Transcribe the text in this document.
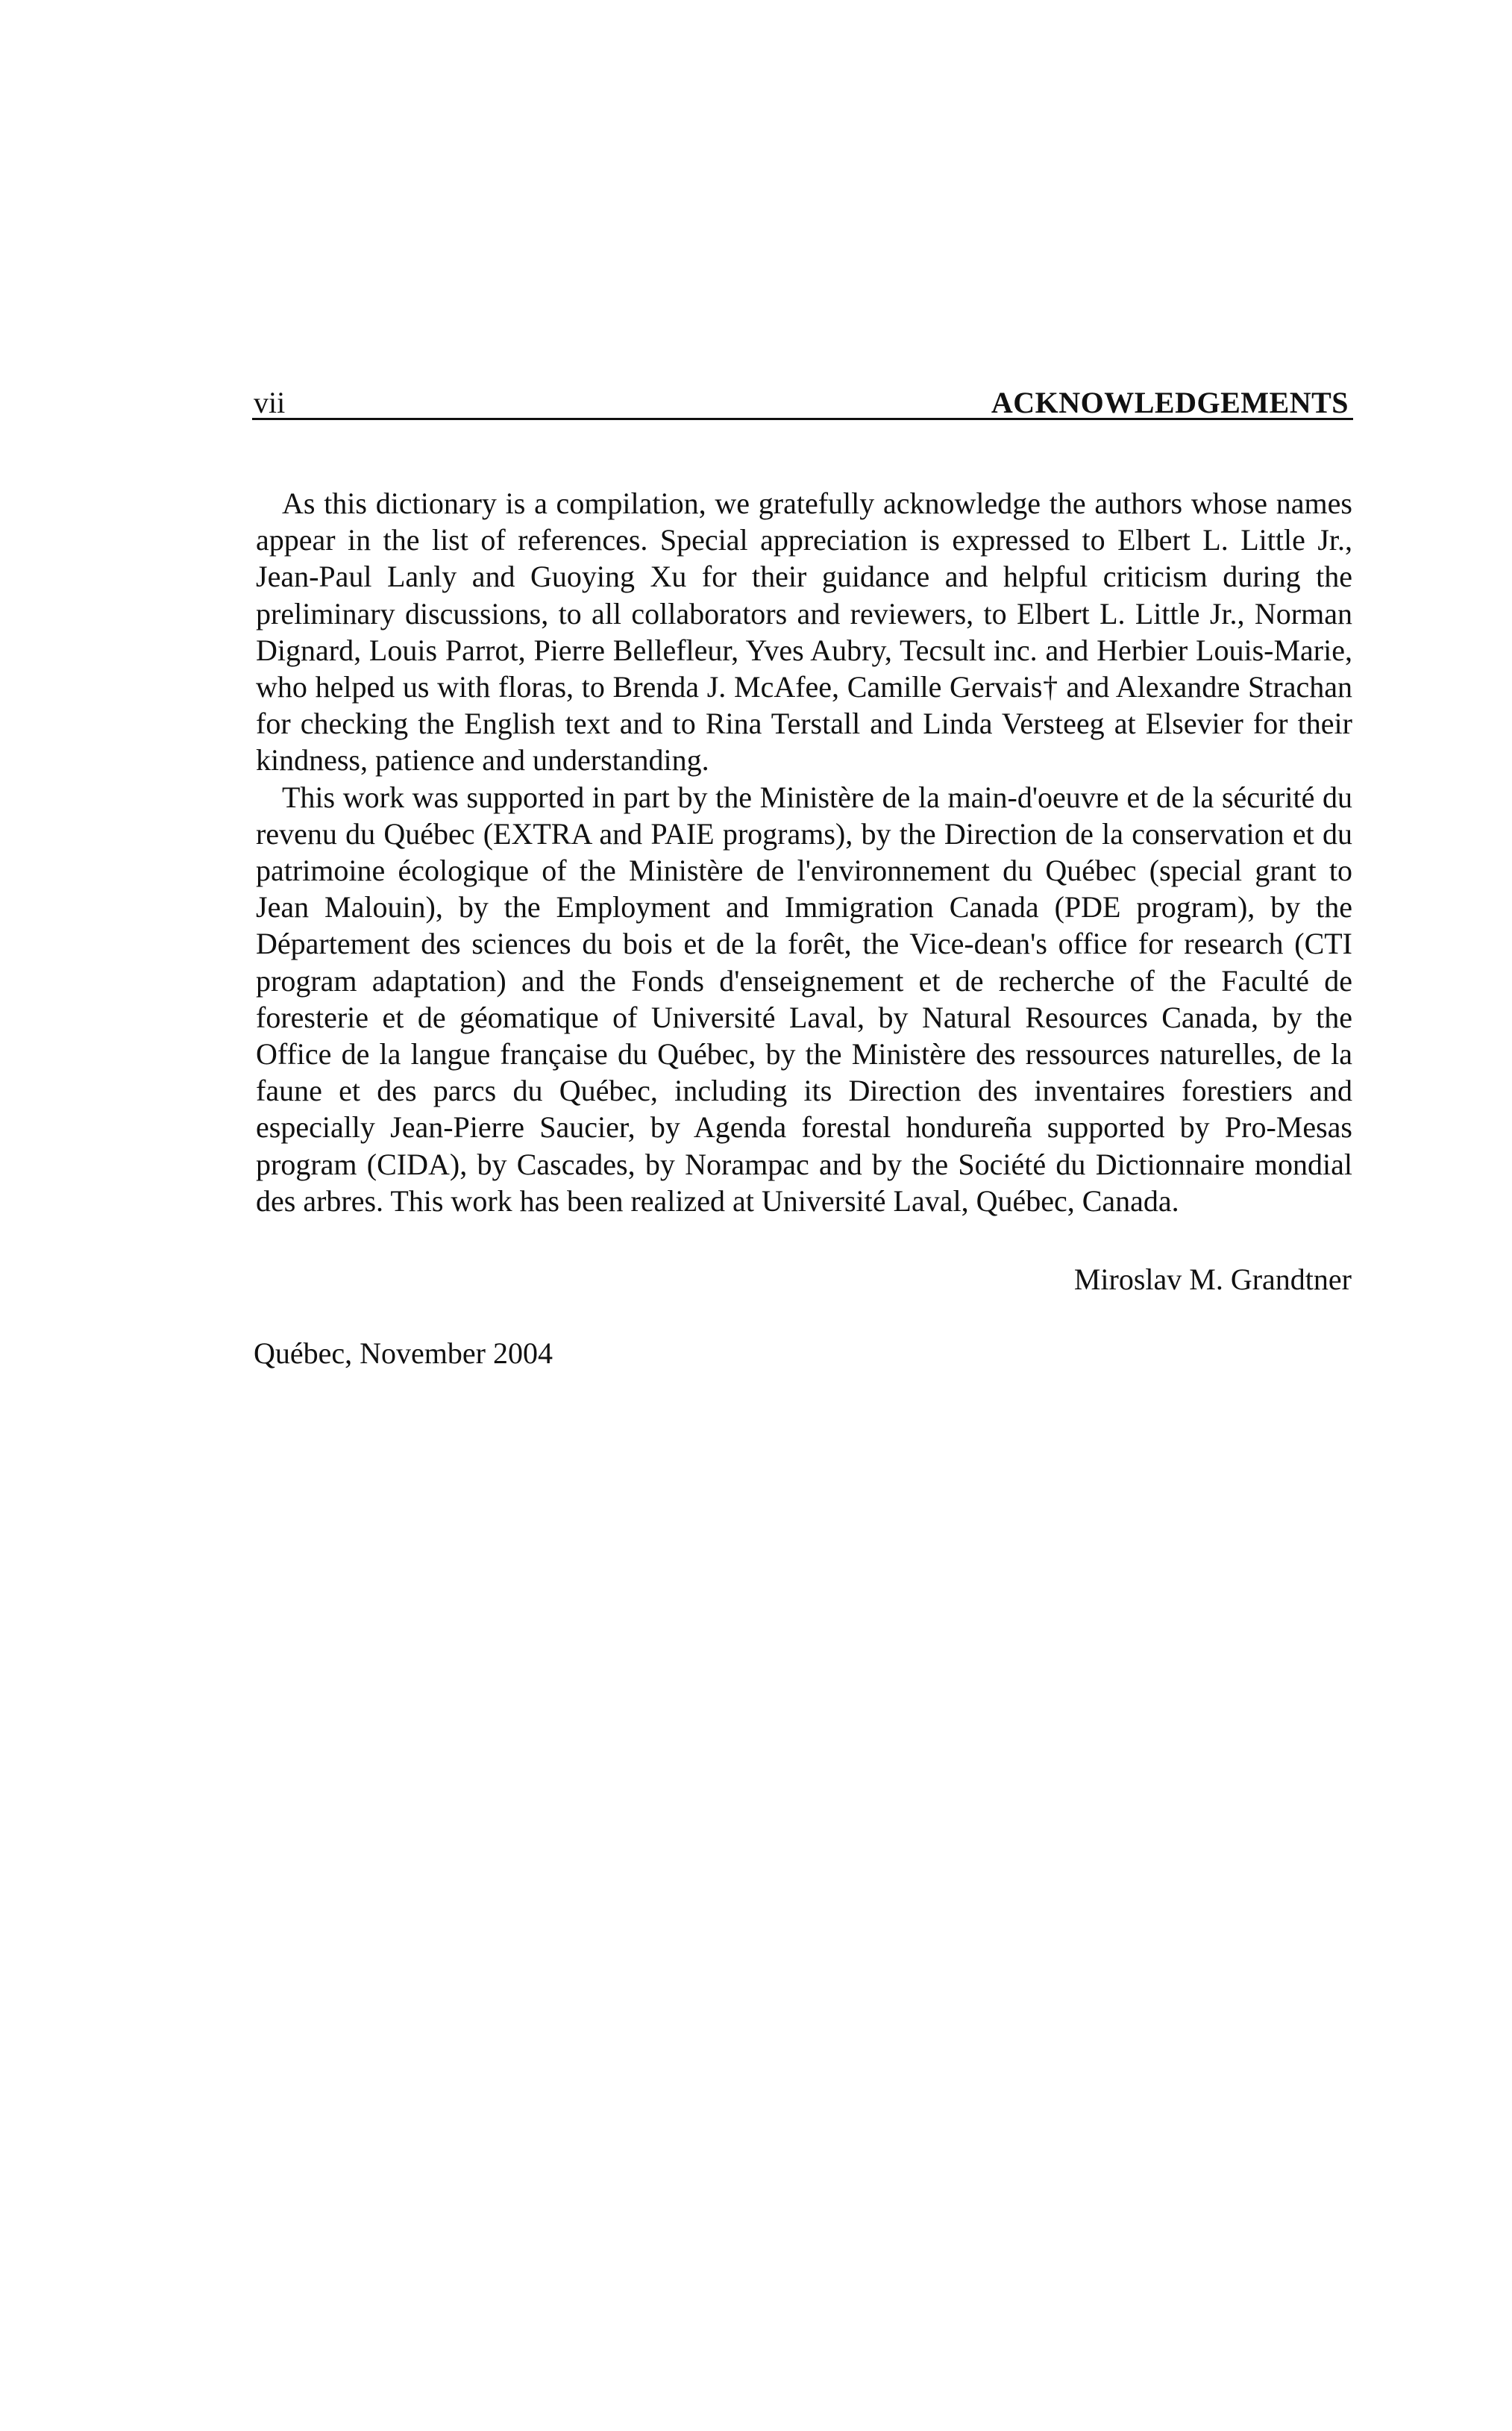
vii	ACKNOWLEDGEMENTS

As this dictionary is a compilation, we gratefully acknowledge the authors whose names appear in the list of references. Special appreciation is expressed to Elbert L. Little Jr., Jean-Paul Lanly and Guoying Xu for their guidance and helpful criticism during the preliminary discussions, to all collaborators and reviewers, to Elbert L. Little Jr., Norman Dignard, Louis Parrot, Pierre Bellefleur, Yves Aubry, Tecsult inc. and Herbier Louis-Marie, who helped us with floras, to Brenda J. McAfee, Camille Gervais† and Alexandre Strachan for checking the English text and to Rina Terstall and Linda Versteeg at Elsevier for their kindness, patience and understanding.

This work was supported in part by the Ministère de la main-d'oeuvre et de la sécurité du revenu du Québec (EXTRA and PAIE programs), by the Direction de la conservation et du patrimoine écologique of the Ministère de l'environnement du Québec (special grant to Jean Malouin), by the Employment and Immigration Canada (PDE program), by the Département des sciences du bois et de la forêt, the Vice-dean's office for research (CTI program adaptation) and the Fonds d'enseignement et de recherche of the Faculté de foresterie et de géomatique of Université Laval, by Natural Resources Canada, by the Office de la langue française du Québec, by the Ministère des ressources naturelles, de la faune et des parcs du Québec, including its Direction des inventaires forestiers and especially Jean-Pierre Saucier, by Agenda forestal hondureña supported by Pro-Mesas program (CIDA), by Cascades, by Norampac and by the Société du Dictionnaire mondial des arbres. This work has been realized at Université Laval, Québec, Canada.

Miroslav M. Grandtner
Québec, November 2004
